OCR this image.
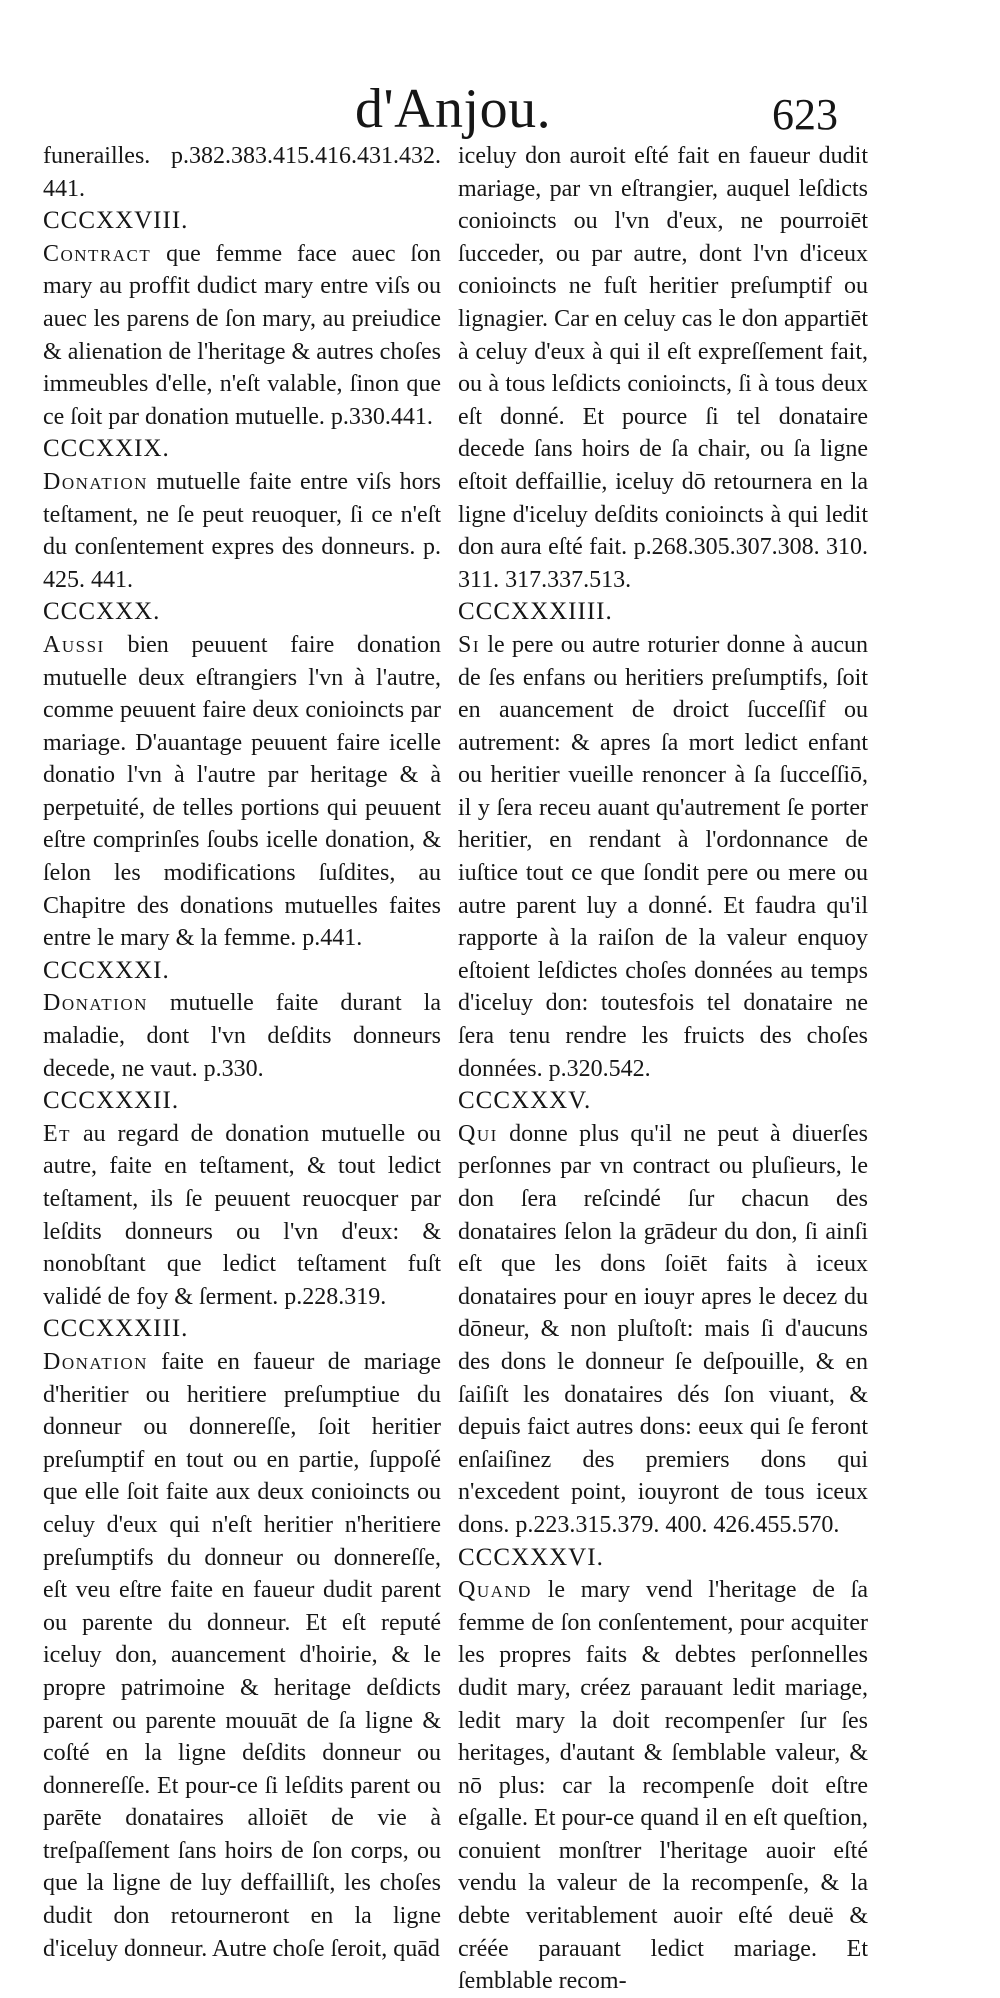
d'Anjou.	623

funerailles. p.382.383.415.416.431.432. 441.

CCCXXVIII.

Contract que femme face auec ſon mary au proffit dudict mary entre viſs ou auec les parens de ſon mary, au preiudice & alienation de l'heritage & autres choſes immeubles d'elle, n'eſt valable, ſinon que ce ſoit par donation mutuelle. p.330.441.

CCCXXIX.

Donation mutuelle faite entre viſs hors teſtament, ne ſe peut reuoquer, ſi ce n'eſt du conſentement expres des donneurs. p. 425. 441.

CCCXXX.

Aussi bien peuuent faire donation mutuelle deux eſtrangiers l'vn à l'autre, comme peuuent faire deux conioincts par mariage. D'auantage peuuent faire icelle donatio l'vn à l'autre par heritage & à perpetuité, de telles portions qui peuuent eſtre comprinſes ſoubs icelle donation, & ſelon les modifications ſuſdites, au Chapitre des donations mutuelles faites entre le mary & la femme. p.441.

CCCXXXI.

Donation mutuelle faite durant la maladie, dont l'vn deſdits donneurs decede, ne vaut. p.330.

CCCXXXII.

Et au regard de donation mutuelle ou autre, faite en teſtament, & tout ledict teſtament, ils ſe peuuent reuocquer par leſdits donneurs ou l'vn d'eux: & nonobſtant que ledict teſtament fuſt validé de foy & ſerment. p.228.319.

CCCXXXIII.

Donation faite en faueur de mariage d'heritier ou heritiere preſumptiue du donneur ou donnereſſe, ſoit heritier preſumptif en tout ou en partie, ſuppoſé que elle ſoit faite aux deux conioincts ou celuy d'eux qui n'eſt heritier n'heritiere preſumptifs du donneur ou donnereſſe, eſt veu eſtre faite en faueur dudit parent ou parente du donneur. Et eſt reputé iceluy don, auancement d'hoirie, & le propre patrimoine & heritage deſdicts parent ou parente mouuāt de ſa ligne & coſté en la ligne deſdits donneur ou donnereſſe. Et pour-ce ſi leſdits parent ou parēte donataires alloiēt de vie à treſpaſſement ſans hoirs de ſon corps, ou que la ligne de luy deffailliſt, les choſes dudit don retourneront en la ligne d'iceluy donneur. Autre choſe ſeroit, quād

iceluy don auroit eſté fait en faueur dudit mariage, par vn eſtrangier, auquel leſdicts conioincts ou l'vn d'eux, ne pourroiēt ſucceder, ou par autre, dont l'vn d'iceux conioincts ne fuſt heritier preſumptif ou lignagier. Car en celuy cas le don appartiēt à celuy d'eux à qui il eſt expreſſement fait, ou à tous leſdicts conioincts, ſi à tous deux eſt donné. Et pource ſi tel donataire decede ſans hoirs de ſa chair, ou ſa ligne eſtoit deffaillie, iceluy dō retournera en la ligne d'iceluy deſdits conioincts à qui ledit don aura eſté fait. p.268.305.307.308. 310. 311. 317.337.513.

CCCXXXIIII.

Si le pere ou autre roturier donne à aucun de ſes enfans ou heritiers preſumptifs, ſoit en auancement de droict ſucceſſif ou autrement: & apres ſa mort ledict enfant ou heritier vueille renoncer à ſa ſucceſſiō, il y ſera receu auant qu'autrement ſe porter heritier, en rendant à l'ordonnance de iuſtice tout ce que ſondit pere ou mere ou autre parent luy a donné. Et faudra qu'il rapporte à la raiſon de la valeur enquoy eſtoient leſdictes choſes données au temps d'iceluy don: toutesfois tel donataire ne ſera tenu rendre les fruicts des choſes données. p.320.542.

CCCXXXV.

Qui donne plus qu'il ne peut à diuerſes perſonnes par vn contract ou pluſieurs, le don ſera reſcindé ſur chacun des donataires ſelon la grādeur du don, ſi ainſi eſt que les dons ſoiēt faits à iceux donataires pour en iouyr apres le decez du dōneur, & non pluſtoſt: mais ſi d'aucuns des dons le donneur ſe deſpouille, & en ſaiſiſt les donataires dés ſon viuant, & depuis faict autres dons: eeux qui ſe feront enſaiſinez des premiers dons qui n'excedent point, iouyront de tous iceux dons. p.223.315.379. 400. 426.455.570.

CCCXXXVI.

Quand le mary vend l'heritage de ſa femme de ſon conſentement, pour acquiter les propres faits & debtes perſonnelles dudit mary, créez parauant ledit mariage, ledit mary la doit recompenſer ſur ſes heritages, d'autant & ſemblable valeur, & nō plus: car la recompenſe doit eſtre eſgalle. Et pour-ce quand il en eſt queſtion, conuient monſtrer l'heritage auoir eſté vendu la valeur de la recompenſe, & la debte veritablement auoir eſté deuë & créée parauant ledict mariage. Et ſemblable recom-
